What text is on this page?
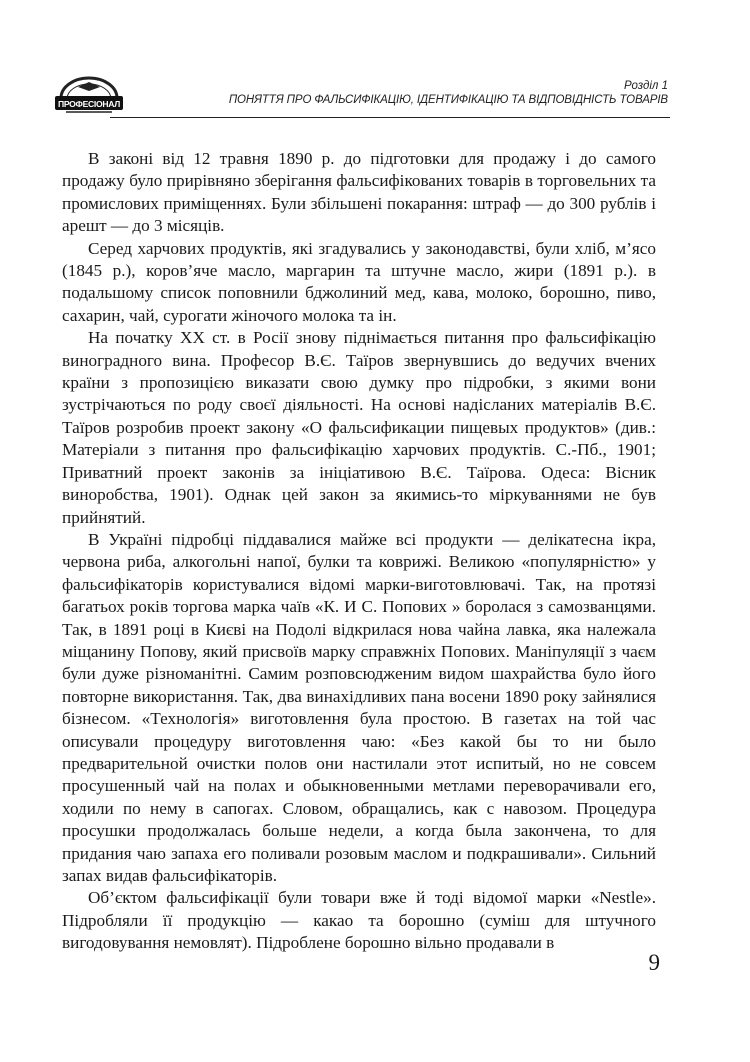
ПРОФЕСІОНАЛ
Розділ 1
ПОНЯТТЯ ПРО ФАЛЬСИФІКАЦІЮ, ІДЕНТИФІКАЦІЮ ТА ВІДПОВІДНІСТЬ ТОВАРІВ

В законі від 12 травня 1890 р. до підготовки для продажу і до самого продажу було прирівняно зберігання фальсифікованих товарів в торговельних та промислових приміщеннях. Були збільшені покарання: штраф — до 300 рублів і арешт — до 3 місяців.

Серед харчових продуктів, які згадувались у законодавстві, були хліб, м’ясо (1845 р.), коров’яче масло, маргарин та штучне масло, жири (1891 р.). в подальшому список поповнили бджолиний мед, кава, молоко, борошно, пиво, сахарин, чай, сурогати жіночого молока та ін.

На початку XX ст. в Росії знову піднімається питання про фальсифікацію виноградного вина. Професор В.Є. Таїров звернувшись до ведучих вчених країни з пропозицією виказати свою думку про підробки, з якими вони зустрічаються по роду своєї діяльності. На основі надісланих матеріалів В.Є. Таїров розробив проект закону «О фальсификации пищевых продуктов» (див.: Матеріали з питання про фальсифікацію харчових продуктів. С.-Пб., 1901; Приватний проект законів за ініціативою В.Є. Таїрова. Одеса: Вісник виноробства, 1901). Однак цей закон за якимись-то міркуваннями не був прийнятий.

В Україні підробці піддавалися майже всі продукти — делікатесна ікра, червона риба, алкогольні напої, булки та коврижі. Великою «популярністю» у фальсифікаторів користувалися відомі марки-виготовлювачі. Так, на протязі багатьох років торгова марка чаїв «К. И С. Попових » боролася з самозванцями. Так, в 1891 році в Києві на Подолі відкрилася нова чайна лавка, яка належала міщанину Попову, який присвоїв марку справжніх Попових. Маніпуляції з чаєм були дуже різноманітні. Самим розповсюдженим видом шахрайства було його повторне використання. Так, два винахідливих пана восени 1890 року зайнялися бізнесом. «Технологія» виготовлення була простою. В газетах на той час описували процедуру виготовлення чаю: «Без какой бы то ни было предварительной очистки полов они настилали этот испитый, но не совсем просушенный чай на полах и обыкновенными метлами переворачивали его, ходили по нему в сапогах. Словом, обращались, как с навозом. Процедура просушки продолжалась больше недели, а когда была закончена, то для придания чаю запаха его поливали розовым маслом и подкрашивали». Сильний запах видав фальсифікаторів.

Об’єктом фальсифікації були товари вже й тоді відомої марки «Nestle». Підробляли її продукцію — какао та борошно (суміш для штучного вигодовування немовлят). Підроблене борошно вільно продавали в

9
